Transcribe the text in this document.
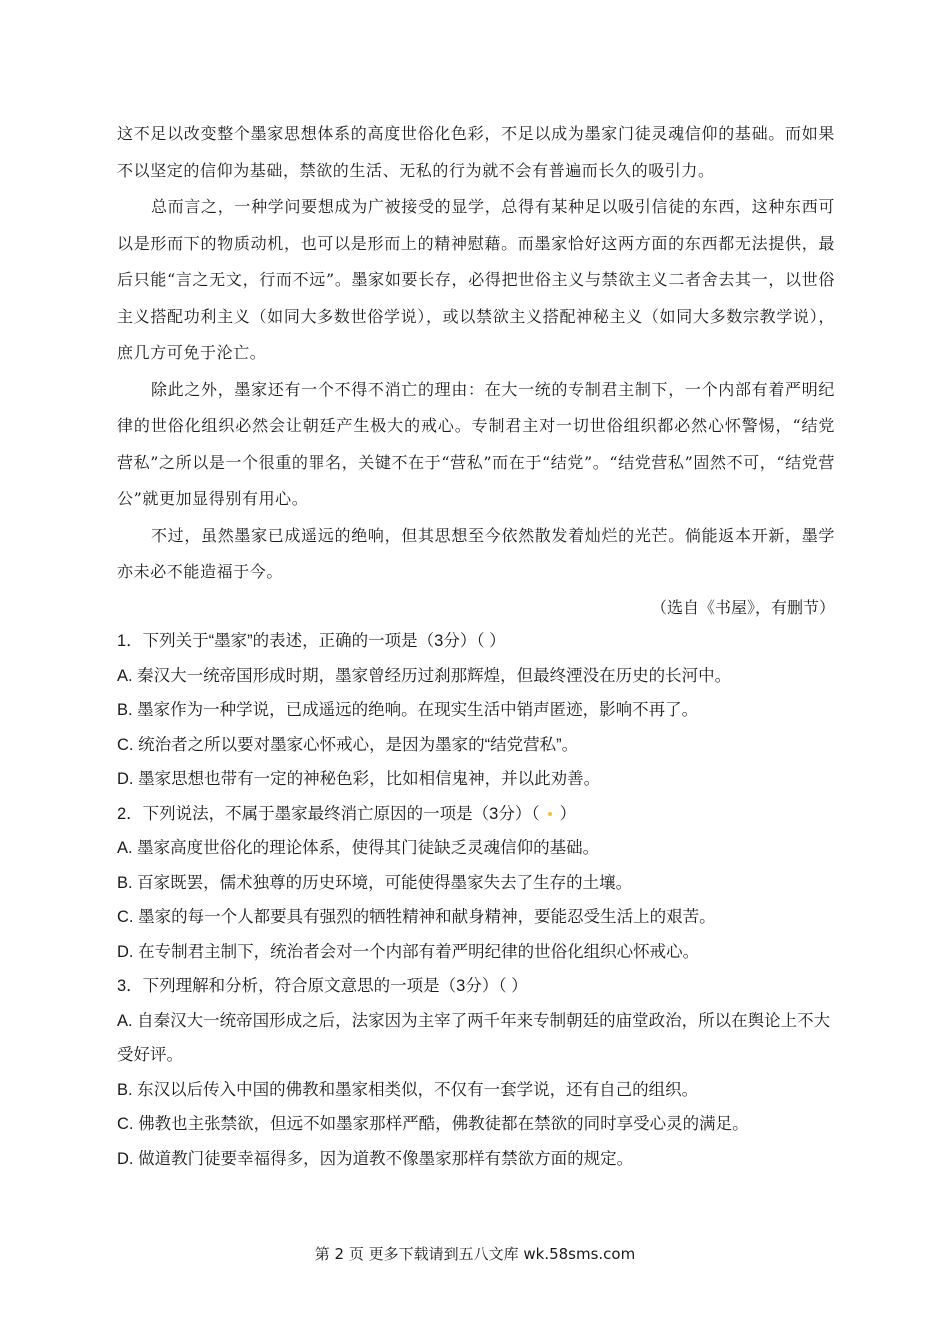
这不足以改变整个墨家思想体系的高度世俗化色彩，不足以成为墨家门徒灵魂信仰的基础。而如果不以坚定的信仰为基础，禁欲的生活、无私的行为就不会有普遍而长久的吸引力。

总而言之，一种学问要想成为广被接受的显学，总得有某种足以吸引信徒的东西，这种东西可以是形而下的物质动机，也可以是形而上的精神慰藉。而墨家恰好这两方面的东西都无法提供，最后只能“言之无文，行而不远”。墨家如要长存，必得把世俗主义与禁欲主义二者舍去其一，以世俗主义搭配功利主义（如同大多数世俗学说），或以禁欲主义搭配神秘主义（如同大多数宗教学说），庶几方可免于沦亡。

除此之外，墨家还有一个不得不消亡的理由：在大一统的专制君主制下，一个内部有着严明纪律的世俗化组织必然会让朝廷产生极大的戒心。专制君主对一切世俗组织都必然心怀警惕，“结党营私”之所以是一个很重的罪名，关键不在于“营私”而在于“结党”。“结党营私”固然不可，“结党营公”就更加显得别有用心。

不过，虽然墨家已成遥远的绝响，但其思想至今依然散发着灿烂的光芒。倘能返本开新，墨学亦未必不能造福于今。

（选自《书屋》，有删节）
1．下列关于“墨家”的表述，正确的一项是（3分）（ ）
A. 秦汉大一统帝国形成时期，墨家曾经历过刹那辉煌，但最终湮没在历史的长河中。
B. 墨家作为一种学说，已成遥远的绝响。在现实生活中销声匿迹，影响不再了。
C. 统治者之所以要对墨家心怀戒心，是因为墨家的“结党营私”。
D. 墨家思想也带有一定的神秘色彩，比如相信鬼神，并以此劝善。
2．下列说法，不属于墨家最终消亡原因的一项是（3分）（ ）
A. 墨家高度世俗化的理论体系，使得其门徒缺乏灵魂信仰的基础。
B. 百家既罢，儒术独尊的历史环境，可能使得墨家失去了生存的土壤。
C. 墨家的每一个人都要具有强烈的牺牲精神和献身精神，要能忍受生活上的艰苦。
D. 在专制君主制下，统治者会对一个内部有着严明纪律的世俗化组织心怀戒心。
3．下列理解和分析，符合原文意思的一项是（3分）（ ）
A. 自秦汉大一统帝国形成之后，法家因为主宰了两千年来专制朝廷的庙堂政治，所以在舆论上不大受好评。
B. 东汉以后传入中国的佛教和墨家相类似，不仅有一套学说，还有自己的组织。
C. 佛教也主张禁欲，但远不如墨家那样严酷，佛教徒都在禁欲的同时享受心灵的满足。
D. 做道教门徒要幸福得多，因为道教不像墨家那样有禁欲方面的规定。
第 2 页 更多下载请到五八文库 wk.58sms.com
